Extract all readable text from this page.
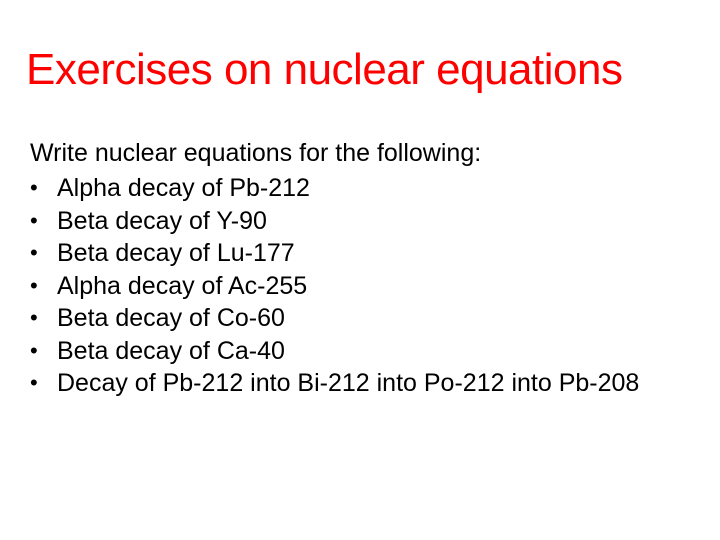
Exercises on nuclear equations
Write nuclear equations for the following:
• Alpha decay of Pb-212
• Beta decay of Y-90
• Beta decay of Lu-177
• Alpha decay of Ac-255
• Beta decay of Co-60
• Beta decay of Ca-40
• Decay of Pb-212 into Bi-212 into Po-212 into Pb-208
